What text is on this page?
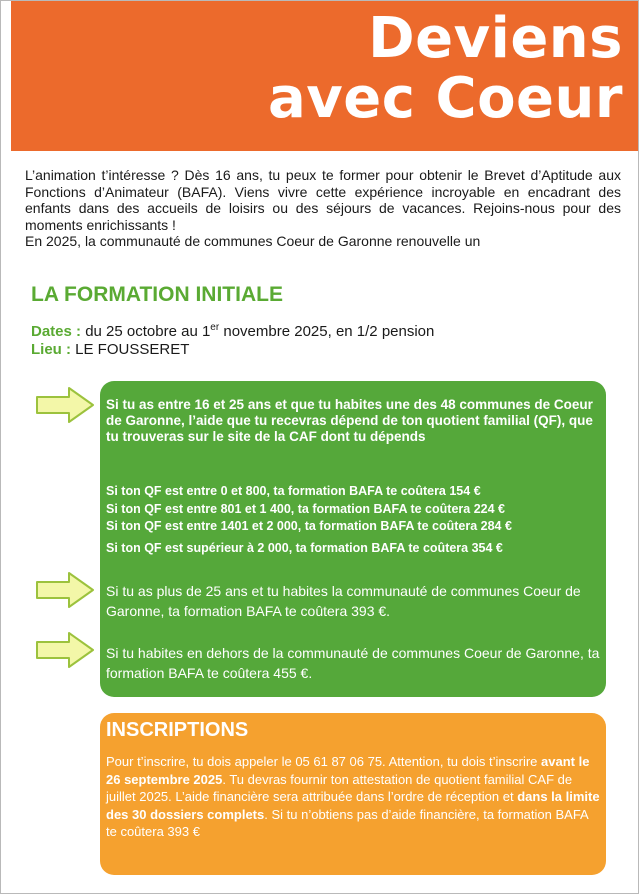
Deviens
avec Coeur

L’animation t’intéresse ? Dès 16 ans, tu peux te former pour obtenir le Brevet d’Aptitude aux Fonctions d’Animateur (BAFA). Viens vivre cette expérience incroyable en encadrant des enfants dans des accueils de loisirs ou des séjours de vacances. Rejoins-nous pour des moments enrichissants !

En 2025, la communauté de communes Coeur de Garonne renouvelle un

LA FORMATION INITIALE
Dates : du 25 octobre au 1er novembre 2025, en 1/2 pension
Lieu : LE FOUSSERET
Si tu as entre 16 et 25 ans et que tu habites une des 48 communes de Coeur de Garonne, l’aide que tu recevras dépend de ton quotient familial (QF), que tu trouveras sur le site de la CAF dont tu dépends
Si ton QF est entre 0 et 800, ta formation BAFA te coûtera 154 €
Si ton QF est entre 801 et 1 400, ta formation BAFA te coûtera 224 €
Si ton QF est entre 1401 et 2 000, ta formation BAFA te coûtera 284 €
Si ton QF est supérieur à 2 000, ta formation BAFA te coûtera 354 €
Si tu as plus de 25 ans et tu habites la communauté de communes Coeur de Garonne, ta formation BAFA te coûtera 393 €.
Si tu habites en dehors de la communauté de communes Coeur de Garonne, ta formation BAFA te coûtera 455 €.
INSCRIPTIONS
Pour t’inscrire, tu dois appeler le 05 61 87 06 75. Attention, tu dois t’inscrire avant le 26 septembre 2025. Tu devras fournir ton attestation de quotient familial CAF de juillet 2025. L’aide financière sera attribuée dans l’ordre de réception et dans la limite des 30 dossiers complets. Si tu n’obtiens pas d’aide financière, ta formation BAFA te coûtera 393 €
